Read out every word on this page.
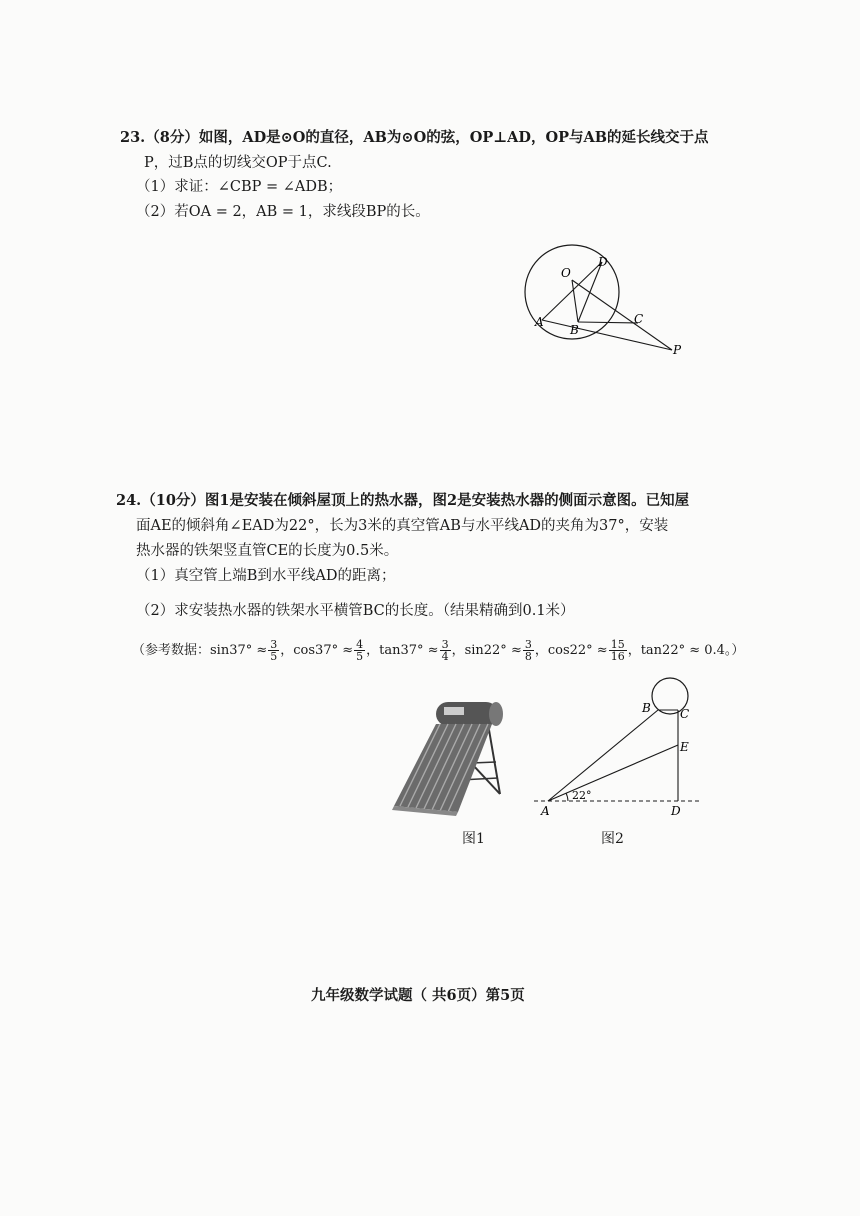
23.（8分）如图，AD是⊙O的直径，AB为⊙O的弦，OP⊥AD，OP与AB的延长线交于点
P，过B点的切线交OP于点C.
（1）求证：∠CBP = ∠ADB；
（2）若OA = 2，AB = 1，求线段BP的长。
D
O
A
B
C
P
24.（10分）图1是安装在倾斜屋顶上的热水器，图2是安装热水器的侧面示意图。已知屋
面AE的倾斜角∠EAD为22°，长为3米的真空管AB与水平线AD的夹角为37°，安装
热水器的铁架竖直管CE的长度为0.5米。
（1）真空管上端B到水平线AD的距离；
（2）求安装热水器的铁架水平横管BC的长度。（结果精确到0.1米）
（参考数据：$\sin 37^\circ \approx \frac{3}{5}$ ，$\cos 37^\circ \approx \frac{4}{5}$ ，$\tan 37^\circ \approx \frac{3}{4}$ ，$\sin 22^\circ \approx \frac{3}{8}$ ，$\cos 22^\circ \approx \frac{15}{16}$ ，tan22° ≈ 0.4。）
图1
22°
B C
E
A	D
图2
九年级数学试题（ 共6页）第5页
